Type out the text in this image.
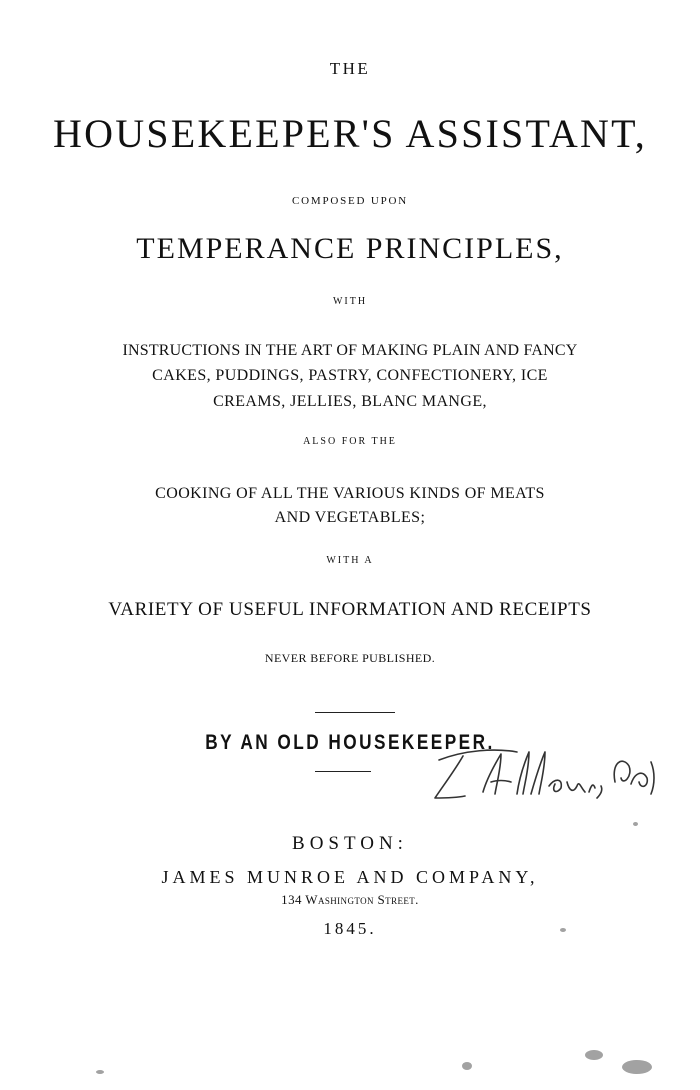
THE
HOUSEKEEPER'S ASSISTANT,
COMPOSED UPON
TEMPERANCE PRINCIPLES,
WITH
INSTRUCTIONS IN THE ART OF MAKING PLAIN AND FANCY
CAKES, PUDDINGS, PASTRY, CONFECTIONERY, ICE
CREAMS, JELLIES, BLANC MANGE,
ALSO FOR THE
COOKING OF ALL THE VARIOUS KINDS OF MEATS
AND VEGETABLES;
WITH A
VARIETY OF USEFUL INFORMATION AND RECEIPTS
NEVER BEFORE PUBLISHED.
BY AN OLD HOUSEKEEPER.
BOSTON:
JAMES MUNROE AND COMPANY,
134 Washington Street.
1845.
